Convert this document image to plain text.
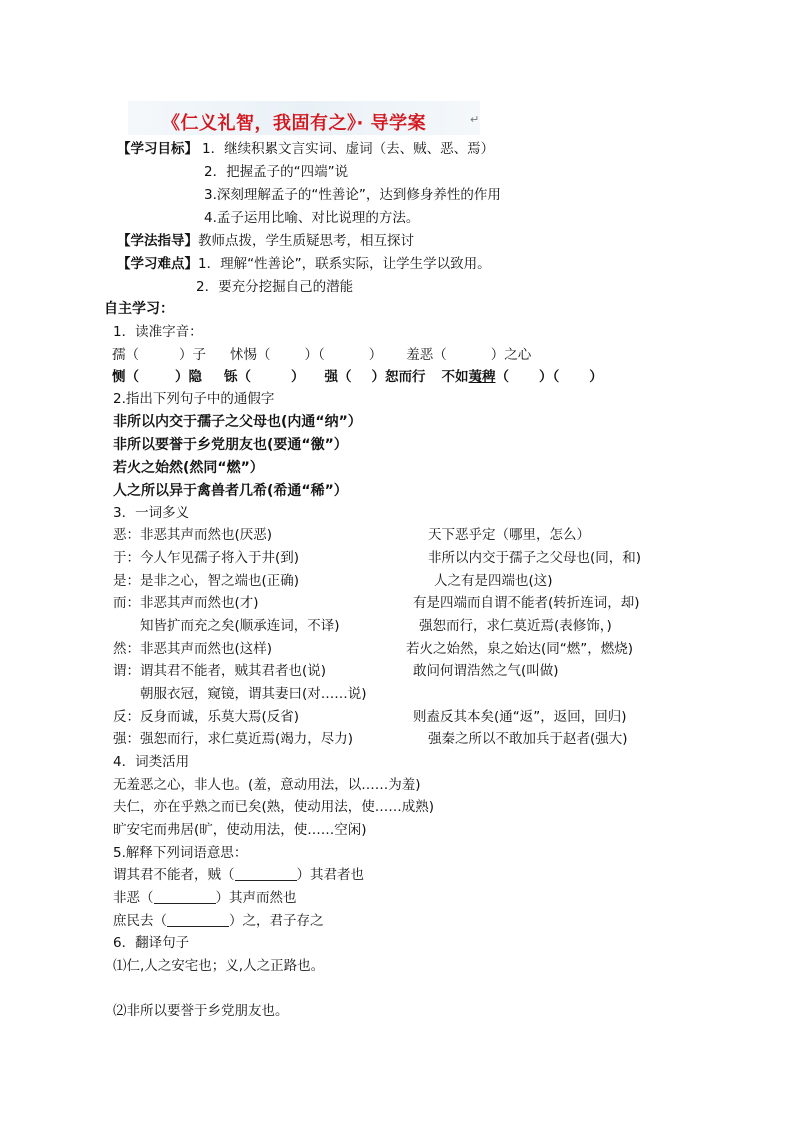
《仁义礼智，我固有之》· 导学案	↵
【学习目标】 1．继续积累文言实词、虚词（去、贼、恶、焉）
2．把握孟子的“四端”说
3.深刻理解孟子的“性善论”，达到修身养性的作用
4.孟子运用比喻、对比说理的方法。
【学法指导】教师点拨，学生质疑思考，相互探讨
【学习难点】1．理解“性善论”，联系实际，让学生学以致用。
2．要充分挖掘自己的潜能
自主学习：
1．读准字音：
孺（	）子 怵惕（	）（	） 羞恶（	）之心
恻（	）隐 铄（	） 强（ ）恕而行 不如荑稗（ ）（ ）
2.指出下列句子中的通假字
非所以内交于孺子之父母也(内通“纳”）
非所以要誉于乡党朋友也(要通“徼”）
若火之始然(然同“燃”）
人之所以异于禽兽者几希(希通“稀”）
3．一词多义
恶：非恶其声而然也(厌恶)	天下恶乎定（哪里，怎么）
于：今人乍见孺子将入于井(到)	非所以内交于孺子之父母也(同，和)
是：是非之心，智之端也(正确)	人之有是四端也(这)
而：非恶其声而然也(才)	有是四端而自谓不能者(转折连词，却)
知皆扩而充之矣(顺承连词，不译)	强恕而行，求仁莫近焉(表修饰，)
然：非恶其声而然也(这样)	若火之始然，泉之始达(同“燃”，燃烧)
谓：谓其君不能者，贼其君者也(说)	敢问何谓浩然之气(叫做)
朝服衣冠，窥镜，谓其妻曰(对……说)
反：反身而诚，乐莫大焉(反省)	则盍反其本矣(通“返”，返回，回归)
强：强恕而行，求仁莫近焉(竭力，尽力)	强秦之所以不敢加兵于赵者(强大)
4．词类活用
无羞恶之心，非人也。(羞，意动用法，以……为羞)
夫仁，亦在乎熟之而已矣(熟，使动用法，使……成熟)
旷安宅而弗居(旷，使动用法，使……空闲)
5.解释下列词语意思：
谓其君不能者，贼（	）其君者也
非恶（	）其声而然也
庶民去（	）之，君子存之
6．翻译句子
⑴仁,人之安宅也；义,人之正路也。
⑵非所以要誉于乡党朋友也。
